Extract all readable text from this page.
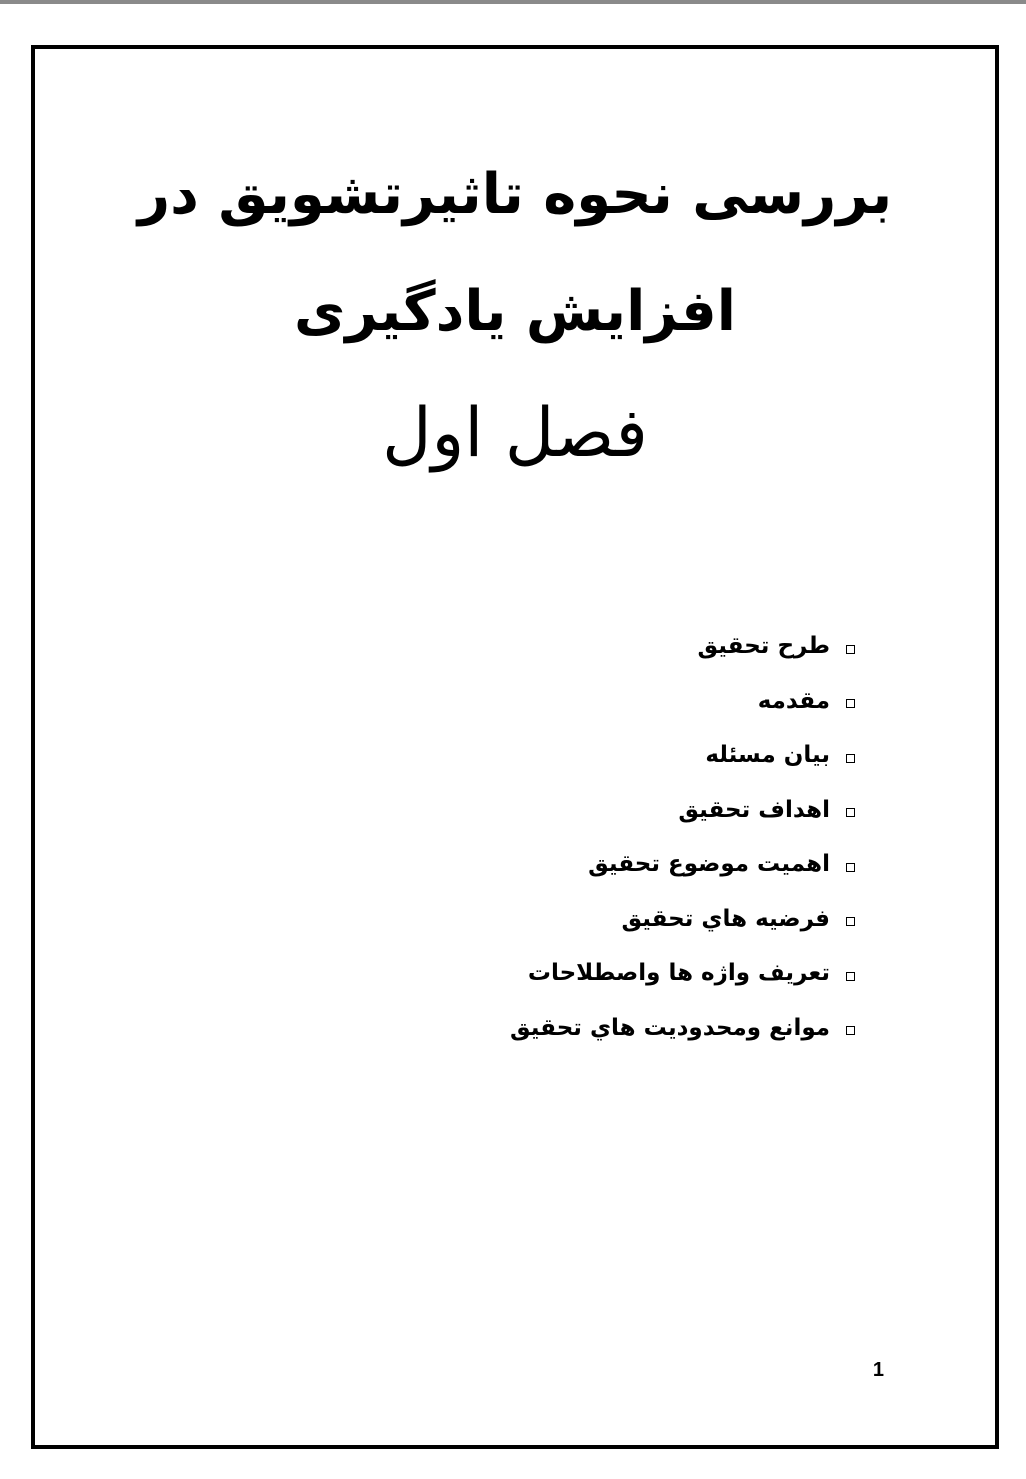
بررسی نحوه تاثیرتشویق در
افزایش یادگیری
فصل اول
طرح تحقيق
مقدمه
بيان مسئله
اهداف تحقيق
اهميت موضوع تحقيق
فرضيه هاي تحقيق
تعريف واژه ها واصطلاحات
موانع ومحدوديت هاي تحقيق
1
